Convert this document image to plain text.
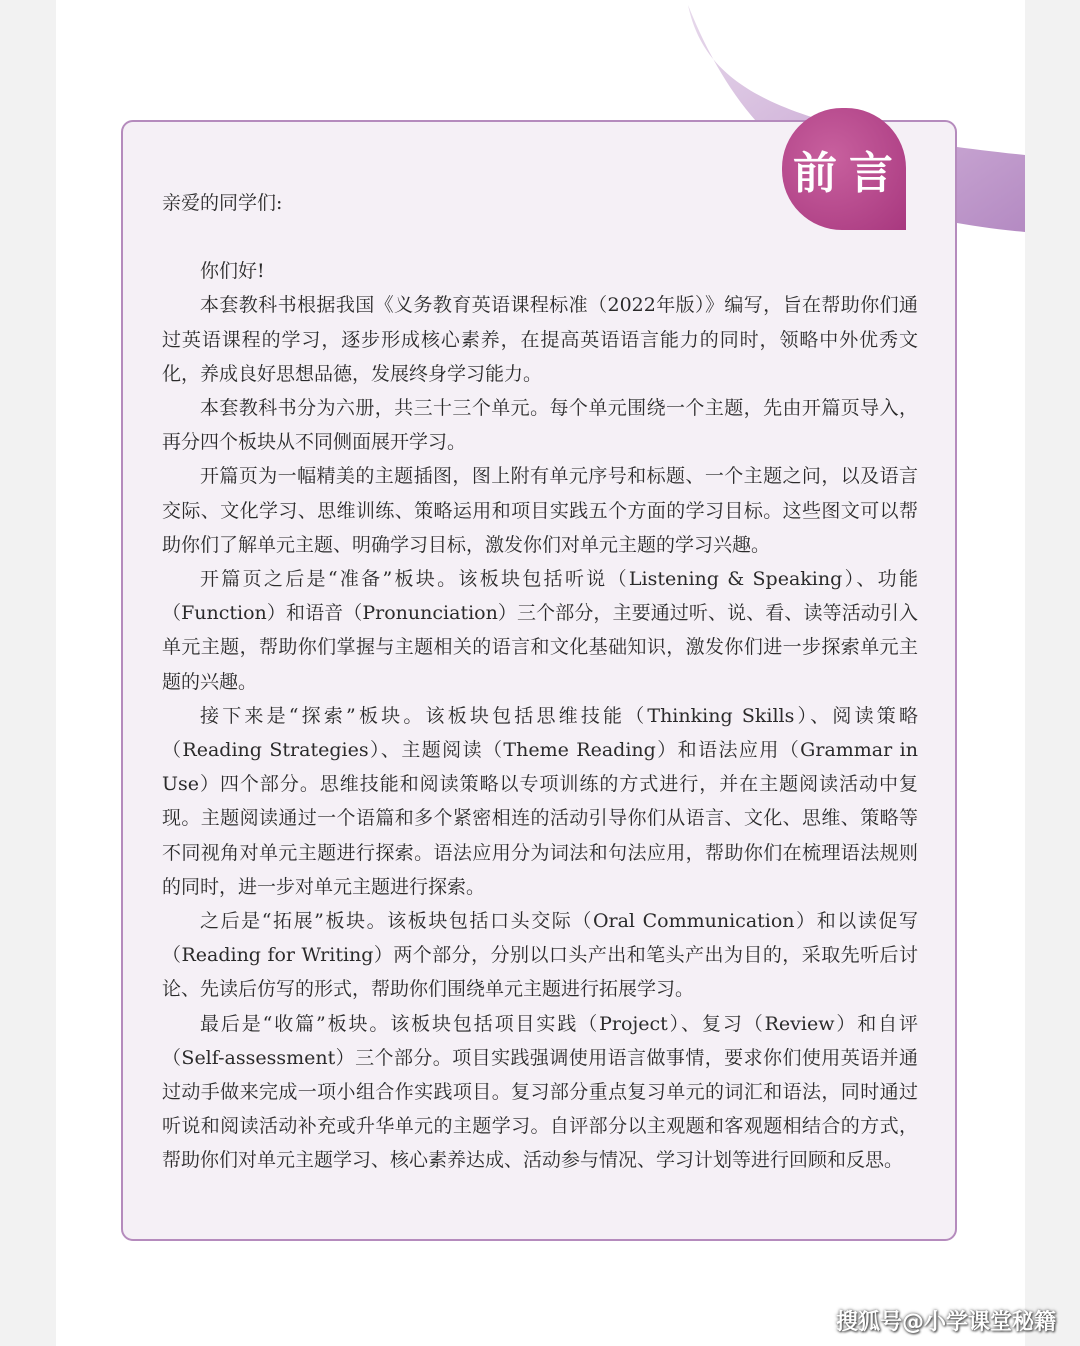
前言

亲爱的同学们:

你们好!

本套教科书根据我国《义务教育英语课程标准（2022年版）》编写，旨在帮助你们通过英语课程的学习，逐步形成核心素养，在提高英语语言能力的同时，领略中外优秀文化，养成良好思想品德，发展终身学习能力。

本套教科书分为六册，共三十三个单元。每个单元围绕一个主题，先由开篇页导入，再分四个板块从不同侧面展开学习。

开篇页为一幅精美的主题插图，图上附有单元序号和标题、一个主题之问，以及语言交际、文化学习、思维训练、策略运用和项目实践五个方面的学习目标。这些图文可以帮助你们了解单元主题、明确学习目标，激发你们对单元主题的学习兴趣。

开篇页之后是“准备”板块。该板块包括听说（Listening & Speaking）、功能（Function）和语音（Pronunciation）三个部分，主要通过听、说、看、读等活动引入单元主题，帮助你们掌握与主题相关的语言和文化基础知识，激发你们进一步探索单元主题的兴趣。

接下来是“探索”板块。该板块包括思维技能（Thinking Skills）、阅读策略（Reading Strategies）、主题阅读（Theme Reading）和语法应用（Grammar in Use）四个部分。思维技能和阅读策略以专项训练的方式进行，并在主题阅读活动中复现。主题阅读通过一个语篇和多个紧密相连的活动引导你们从语言、文化、思维、策略等不同视角对单元主题进行探索。语法应用分为词法和句法应用，帮助你们在梳理语法规则的同时，进一步对单元主题进行探索。

之后是“拓展”板块。该板块包括口头交际（Oral Communication）和以读促写（Reading for Writing）两个部分，分别以口头产出和笔头产出为目的，采取先听后讨论、先读后仿写的形式，帮助你们围绕单元主题进行拓展学习。

最后是“收篇”板块。该板块包括项目实践（Project）、复习（Review）和自评（Self-assessment）三个部分。项目实践强调使用语言做事情，要求你们使用英语并通过动手做来完成一项小组合作实践项目。复习部分重点复习单元的词汇和语法，同时通过听说和阅读活动补充或升华单元的主题学习。自评部分以主观题和客观题相结合的方式，帮助你们对单元主题学习、核心素养达成、活动参与情况、学习计划等进行回顾和反思。

搜狐号@小学课堂秘籍
